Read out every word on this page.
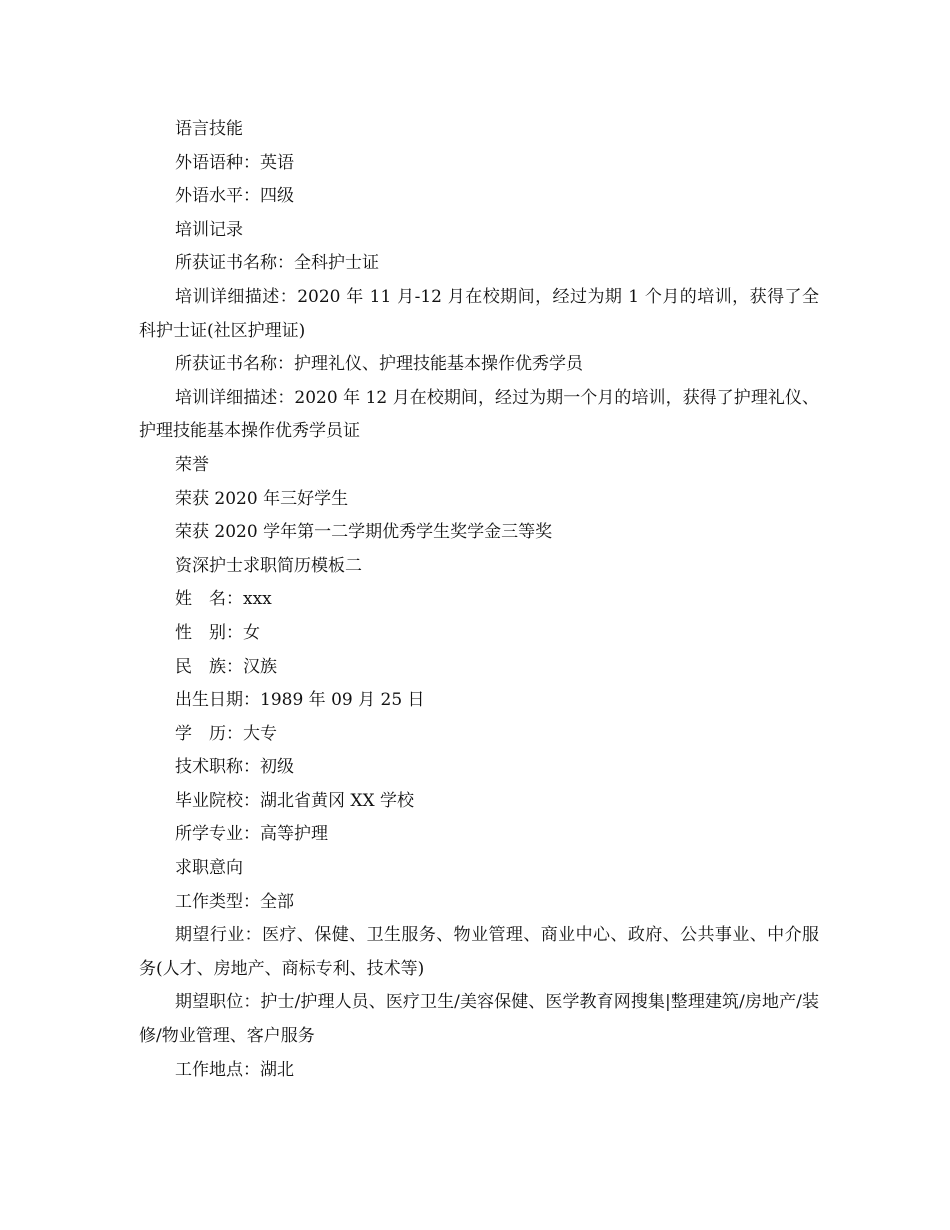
语言技能

外语语种：英语

外语水平：四级

培训记录

所获证书名称：全科护士证

培训详细描述：2020 年 11 月-12 月在校期间，经过为期 1 个月的培训，获得了全科护士证(社区护理证)

所获证书名称：护理礼仪、护理技能基本操作优秀学员

培训详细描述：2020 年 12 月在校期间，经过为期一个月的培训，获得了护理礼仪、护理技能基本操作优秀学员证

荣誉

荣获 2020 年三好学生

荣获 2020 学年第一二学期优秀学生奖学金三等奖

资深护士求职简历模板二

姓　名：xxx

性　别：女

民　族：汉族

出生日期：1989 年 09 月 25 日

学　历：大专

技术职称：初级

毕业院校：湖北省黄冈 XX 学校

所学专业：高等护理

求职意向

工作类型：全部

期望行业：医疗、保健、卫生服务、物业管理、商业中心、政府、公共事业、中介服务(人才、房地产、商标专利、技术等)

期望职位：护士/护理人员、医疗卫生/美容保健、医学教育网搜集|整理建筑/房地产/装修/物业管理、客户服务

工作地点：湖北
